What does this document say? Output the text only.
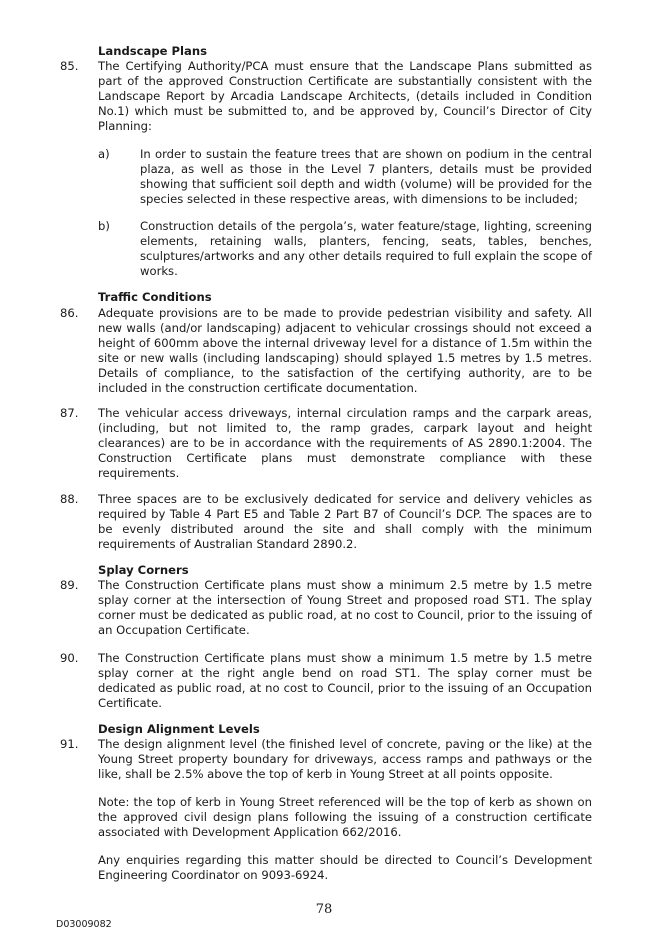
Landscape Plans
85. The Certifying Authority/PCA must ensure that the Landscape Plans submitted as part of the approved Construction Certificate are substantially consistent with the Landscape Report by Arcadia Landscape Architects, (details included in Condition No.1) which must be submitted to, and be approved by, Council’s Director of City Planning:
a)	In order to sustain the feature trees that are shown on podium in the central plaza, as well as those in the Level 7 planters, details must be provided showing that sufficient soil depth and width (volume) will be provided for the species selected in these respective areas, with dimensions to be included;
b)	Construction details of the pergola’s, water feature/stage, lighting, screening elements, retaining walls, planters, fencing, seats, tables, benches, sculptures/artworks and any other details required to full explain the scope of works.
Traffic Conditions
86. Adequate provisions are to be made to provide pedestrian visibility and safety. All new walls (and/or landscaping) adjacent to vehicular crossings should not exceed a height of 600mm above the internal driveway level for a distance of 1.5m within the site or new walls (including landscaping) should splayed 1.5 metres by 1.5 metres. Details of compliance, to the satisfaction of the certifying authority, are to be included in the construction certificate documentation.
87. The vehicular access driveways, internal circulation ramps and the carpark areas, (including, but not limited to, the ramp grades, carpark layout and height clearances) are to be in accordance with the requirements of AS 2890.1:2004. The Construction Certificate plans must demonstrate compliance with these requirements.
88. Three spaces are to be exclusively dedicated for service and delivery vehicles as required by Table 4 Part E5 and Table 2 Part B7 of Council’s DCP. The spaces are to be evenly distributed around the site and shall comply with the minimum requirements of Australian Standard 2890.2.
Splay Corners
89. The Construction Certificate plans must show a minimum 2.5 metre by 1.5 metre splay corner at the intersection of Young Street and proposed road ST1. The splay corner must be dedicated as public road, at no cost to Council, prior to the issuing of an Occupation Certificate.
90. The Construction Certificate plans must show a minimum 1.5 metre by 1.5 metre splay corner at the right angle bend on road ST1. The splay corner must be dedicated as public road, at no cost to Council, prior to the issuing of an Occupation Certificate.
Design Alignment Levels
91. The design alignment level (the finished level of concrete, paving or the like) at the Young Street property boundary for driveways, access ramps and pathways or the like, shall be 2.5% above the top of kerb in Young Street at all points opposite.
Note: the top of kerb in Young Street referenced will be the top of kerb as shown on the approved civil design plans following the issuing of a construction certificate associated with Development Application 662/2016.
Any enquiries regarding this matter should be directed to Council’s Development Engineering Coordinator on 9093-6924.
78
D03009082
